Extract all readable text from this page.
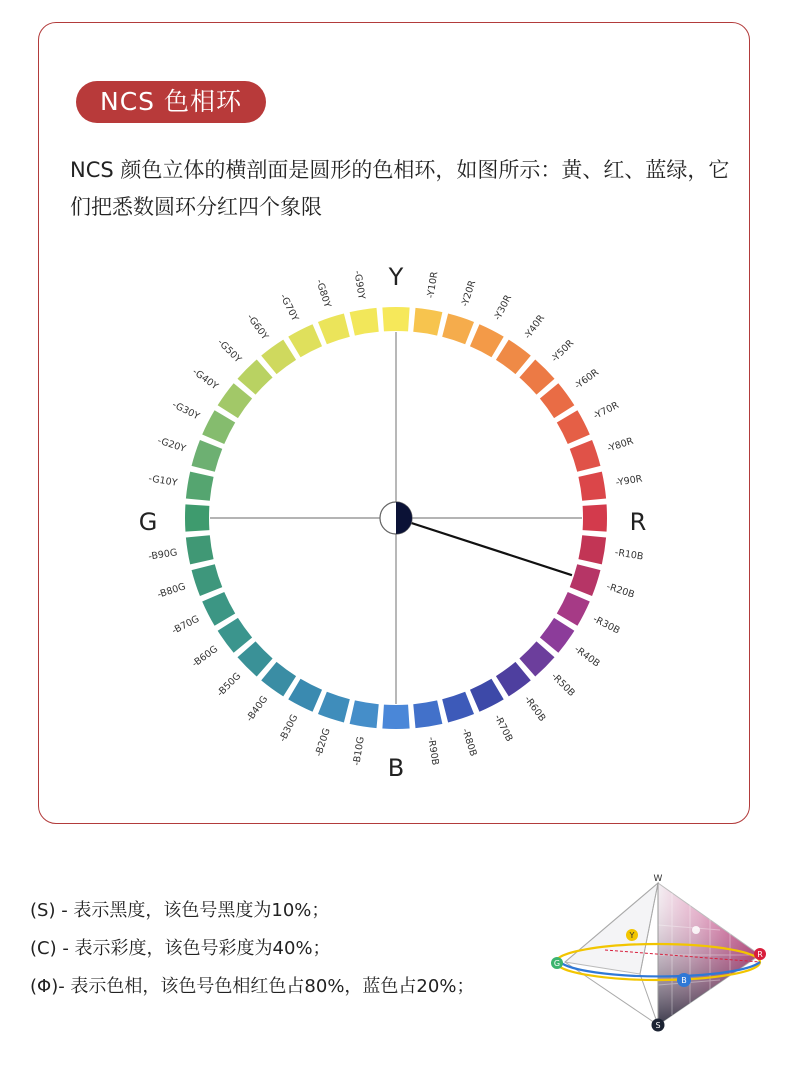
NCS 色相环
NCS 颜色立体的横剖面是圆形的色相环，如图所示：黄、红、蓝绿，它们把悉数圆环分红四个象限
-Y10R -Y20R -Y30R
-Y40R
-Y50R
-Y60R
-Y70R
-Y80R
-Y90R
-R10B
-R20B
-R30B
-R40B
-R50B
-R60B
-R70B
-R80B
-R90B
-B10G
-B20G
-B30G
-B40G
-B50G
-B60G
-B70G
-B80G
-B90G
-G10Y
-G20Y
-G30Y
-G40Y
-G50Y
-G60Y
-G70Y -G80Y -G90Y Y
R
B
G
(S) - 表示黑度，该色号黑度为10%；
(C) - 表示彩度，该色号彩度为40%；
(Φ)- 表示色相，该色号色相红色占80%，蓝色占20%；
W
Y
R
G
B
S
